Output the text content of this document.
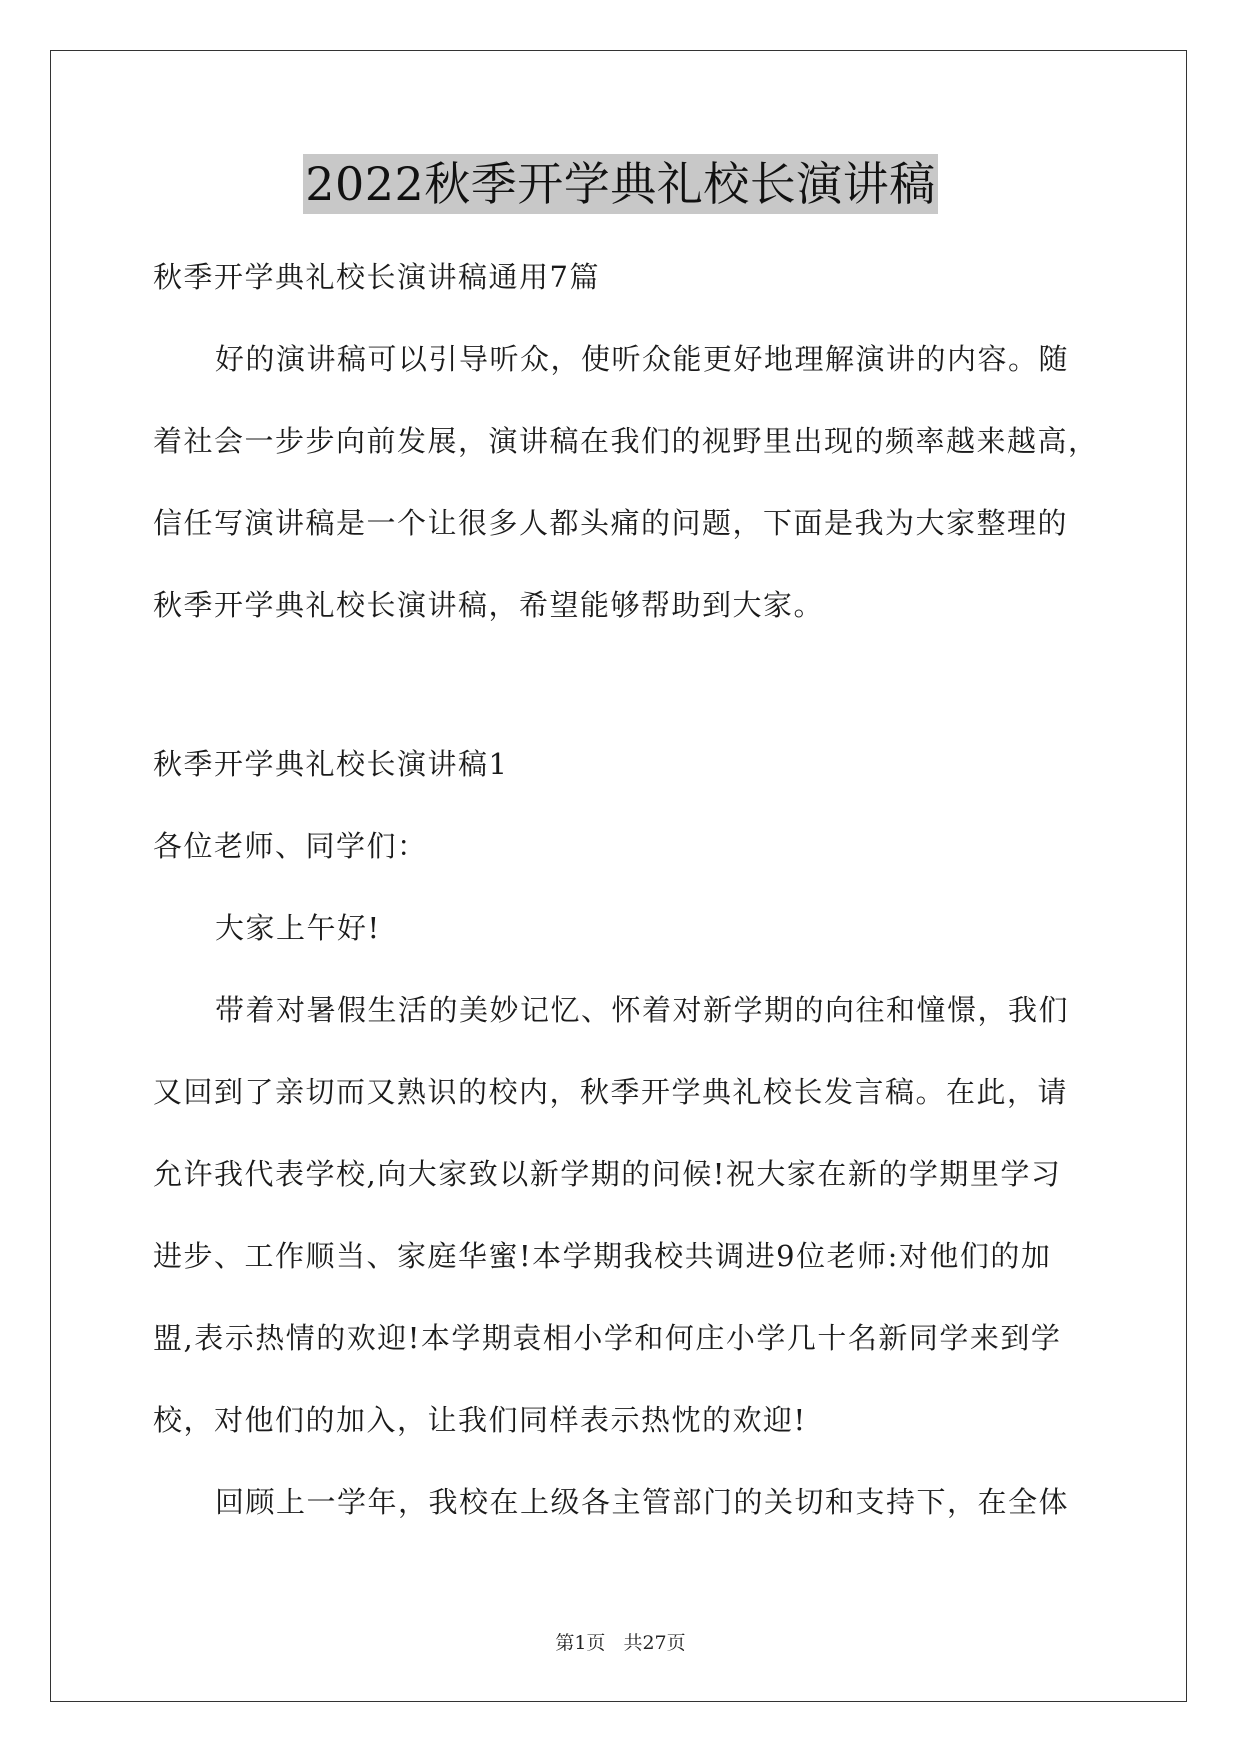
2022秋季开学典礼校长演讲稿
秋季开学典礼校长演讲稿通用7篇
好的演讲稿可以引导听众，使听众能更好地理解演讲的内容。随
着社会一步步向前发展，演讲稿在我们的视野里出现的频率越来越高，
信任写演讲稿是一个让很多人都头痛的问题，下面是我为大家整理的
秋季开学典礼校长演讲稿，希望能够帮助到大家。
秋季开学典礼校长演讲稿1
各位老师、同学们：
大家上午好!
带着对暑假生活的美妙记忆、怀着对新学期的向往和憧憬，我们
又回到了亲切而又熟识的校内，秋季开学典礼校长发言稿。在此，请
允许我代表学校,向大家致以新学期的问候!祝大家在新的学期里学习
进步、工作顺当、家庭华蜜!本学期我校共调进9位老师:对他们的加
盟,表示热情的欢迎!本学期袁相小学和何庄小学几十名新同学来到学
校，对他们的加入，让我们同样表示热忱的欢迎!
回顾上一学年，我校在上级各主管部门的关切和支持下，在全体
第1页 共27页
